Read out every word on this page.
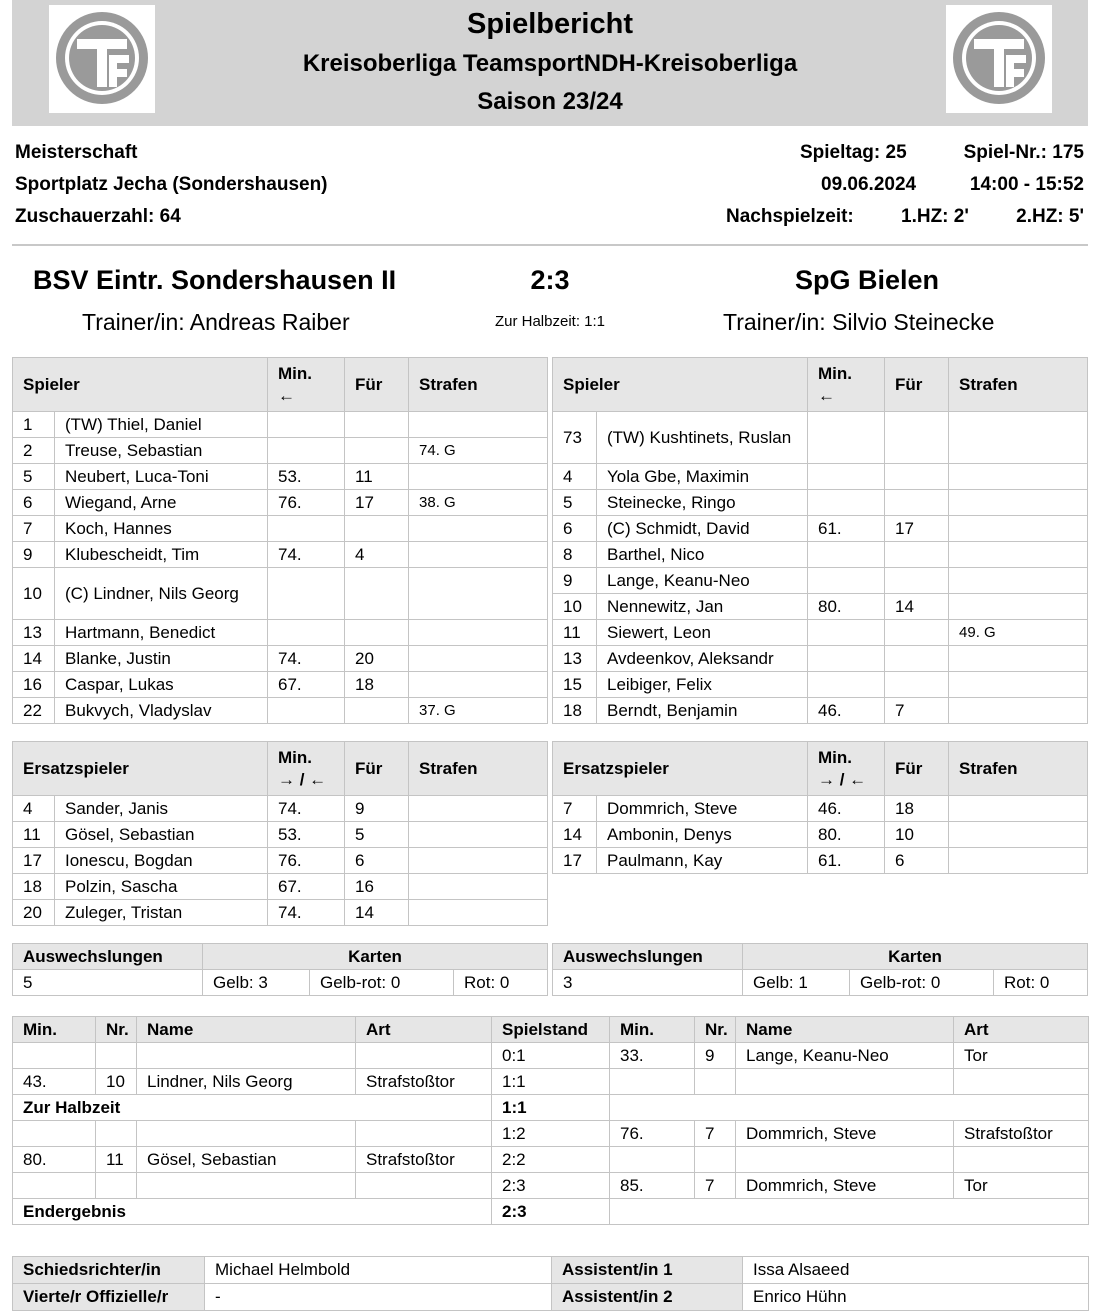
Spielbericht
Kreisoberliga TeamsportNDH-Kreisoberliga
Saison 23/24
Meisterschaft
Sportplatz Jecha (Sondershausen)
Zuschauerzahl: 64
Spieltag: 25	Spiel-Nr.: 175
09.06.2024	14:00 - 15:52
Nachspielzeit: 1.HZ: 2' 2.HZ: 5'
BSV Eintr. Sondershausen II	2:3	SpG Bielen
Trainer/in: Andreas Raiber	Zur Halbzeit: 1:1	Trainer/in: Silvio Steinecke
Spieler		Min.
←	Für	Strafen
1	(TW) Thiel, Daniel			
2	Treuse, Sebastian			74. G
5	Neubert, Luca-Toni	53.	11	
6	Wiegand, Arne	76.	17	38. G
7	Koch, Hannes			
9	Klubescheidt, Tim	74.	4	
10	(C) Lindner, Nils Georg			
13	Hartmann, Benedict			
14	Blanke, Justin	74.	20	
16	Caspar, Lukas	67.	18	
22	Bukvych, Vladyslav			37. G
Spieler		Min.
←	Für	Strafen
73	(TW) Kushtinets, Ruslan			
4	Yola Gbe, Maximin			
5	Steinecke, Ringo			
6	(C) Schmidt, David	61.	17	
8	Barthel, Nico			
9	Lange, Keanu-Neo			
10	Nennewitz, Jan	80.	14	
11	Siewert, Leon			49. G
13	Avdeenkov, Aleksandr			
15	Leibiger, Felix			
18	Berndt, Benjamin	46.	7	
Ersatzspieler		Min.
→ / ←	Für	Strafen
4	Sander, Janis	74.	9	
11	Gösel, Sebastian	53.	5	
17	Ionescu, Bogdan	76.	6	
18	Polzin, Sascha	67.	16	
20	Zuleger, Tristan	74.	14	
Ersatzspieler		Min.
→ / ←	Für	Strafen
7	Dommrich, Steve	46.	18	
14	Ambonin, Denys	80.	10	
17	Paulmann, Kay	61.	6	
Auswechslungen	Karten		
5	Gelb: 3	Gelb-rot: 0	Rot: 0
Auswechslungen	Karten		
3	Gelb: 1	Gelb-rot: 0	Rot: 0
Min.	Nr.	Name	Art	Spielstand	Min.	Nr.	Name	Art
				0:1	33.	9	Lange, Keanu-Neo	Tor
43.	10	Lindner, Nils Georg	Strafstoßtor	1:1				
Zur Halbzeit				1:1				
				1:2	76.	7	Dommrich, Steve	Strafstoßtor
80.	11	Gösel, Sebastian	Strafstoßtor	2:2				
				2:3	85.	7	Dommrich, Steve	Tor
Endergebnis				2:3				
Schiedsrichter/in	Michael Helmbold	Assistent/in 1	Issa Alsaeed
Vierte/r Offizielle/r	-	Assistent/in 2	Enrico Hühn
